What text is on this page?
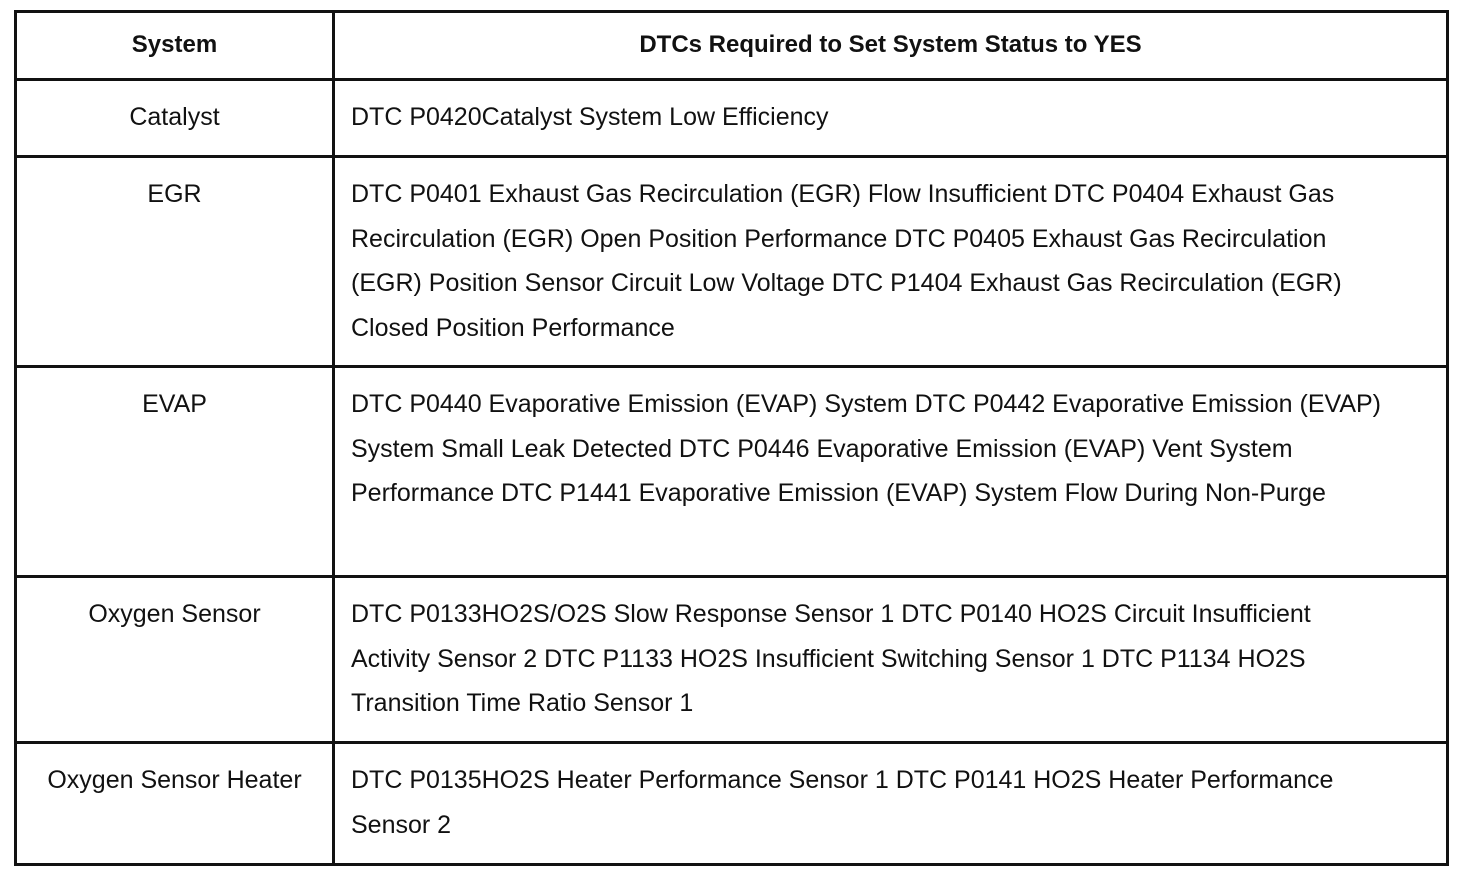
System	DTCs Required to Set System Status to YES
Catalyst	DTC P0420Catalyst System Low Efficiency
EGR	DTC P0401 Exhaust Gas Recirculation (EGR) Flow Insufficient DTC P0404 Exhaust Gas Recirculation (EGR) Open Position Performance DTC P0405 Exhaust Gas Recirculation (EGR) Position Sensor Circuit Low Voltage DTC P1404 Exhaust Gas Recirculation (EGR) Closed Position Performance
EVAP	DTC P0440 Evaporative Emission (EVAP) System DTC P0442 Evaporative Emission (EVAP) System Small Leak Detected DTC P0446 Evaporative Emission (EVAP) Vent System Performance DTC P1441 Evaporative Emission (EVAP) System Flow During Non-Purge
Oxygen Sensor	DTC P0133HO2S/O2S Slow Response Sensor 1 DTC P0140 HO2S Circuit Insufficient Activity Sensor 2 DTC P1133 HO2S Insufficient Switching Sensor 1 DTC P1134 HO2S Transition Time Ratio Sensor 1
Oxygen Sensor Heater	DTC P0135HO2S Heater Performance Sensor 1 DTC P0141 HO2S Heater Performance Sensor 2
